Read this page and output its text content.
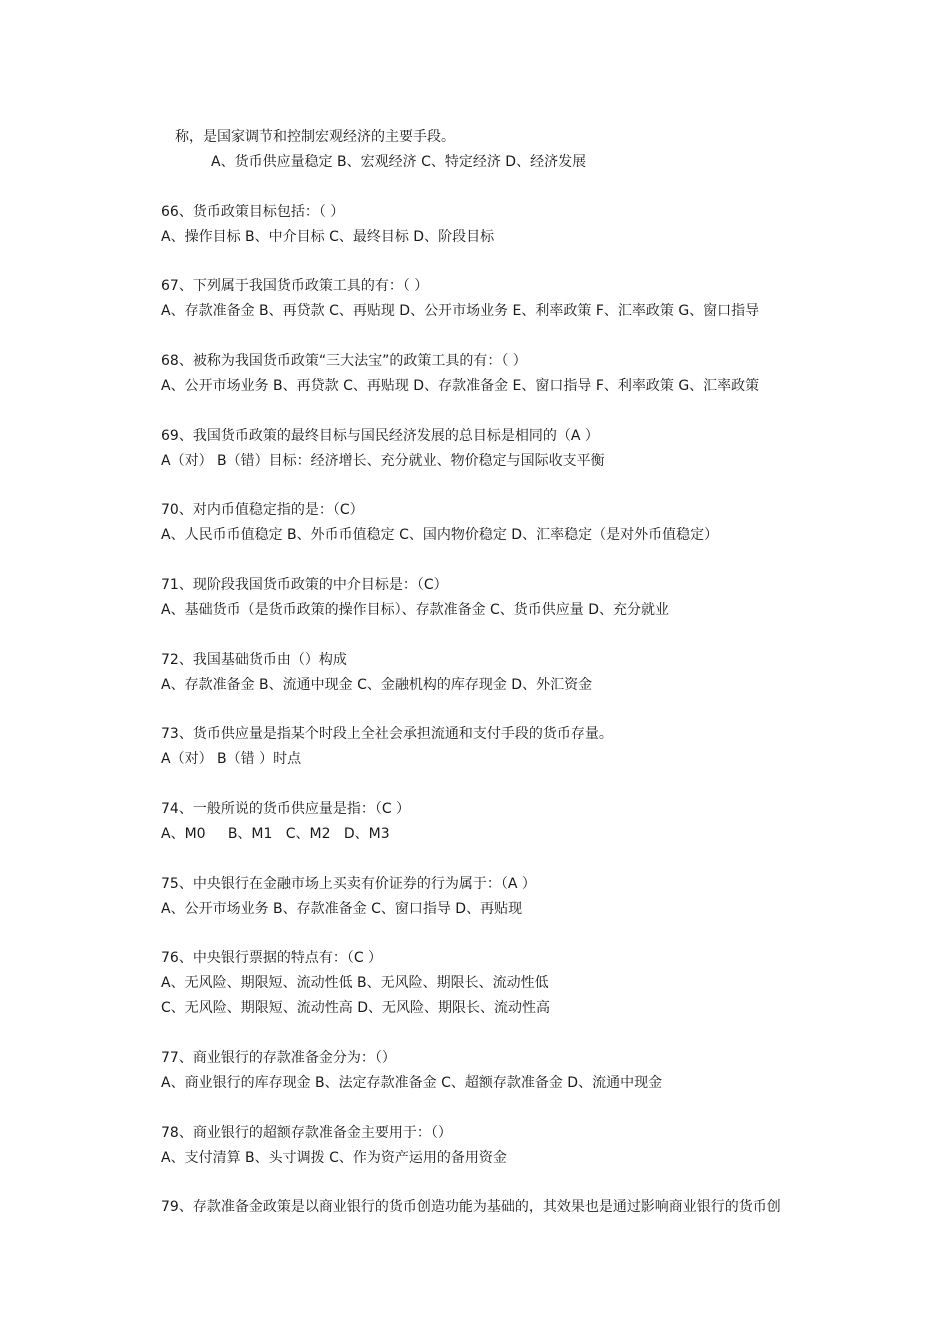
称，是国家调节和控制宏观经济的主要手段。
A、货币供应量稳定 B、宏观经济 C、特定经济 D、经济发展
66、货币政策目标包括：（ ）
A、操作目标 B、中介目标 C、最终目标 D、阶段目标
67、下列属于我国货币政策工具的有：（ ）
A、存款准备金 B、再贷款 C、再贴现 D、公开市场业务 E、利率政策 F、汇率政策 G、窗口指导
68、被称为我国货币政策“三大法宝”的政策工具的有：（ ）
A、公开市场业务 B、再贷款 C、再贴现 D、存款准备金 E、窗口指导 F、利率政策 G、汇率政策
69、我国货币政策的最终目标与国民经济发展的总目标是相同的（A ）
A（对） B（错）目标：经济增长、充分就业、物价稳定与国际收支平衡
70、对内币值稳定指的是：（C）
A、人民币币值稳定 B、外币币值稳定 C、国内物价稳定 D、汇率稳定（是对外币值稳定）
71、现阶段我国货币政策的中介目标是：（C）
A、基础货币（是货币政策的操作目标）、存款准备金 C、货币供应量 D、充分就业
72、我国基础货币由（）构成
A、存款准备金 B、流通中现金 C、金融机构的库存现金 D、外汇资金
73、货币供应量是指某个时段上全社会承担流通和支付手段的货币存量。
A（对） B（错 ）时点
74、一般所说的货币供应量是指：（C ）
A、M0     B、M1   C、M2   D、M3
75、中央银行在金融市场上买卖有价证券的行为属于：（A ）
A、公开市场业务 B、存款准备金 C、窗口指导 D、再贴现
76、中央银行票据的特点有：（C ）
A、无风险、期限短、流动性低 B、无风险、期限长、流动性低
C、无风险、期限短、流动性高 D、无风险、期限长、流动性高
77、商业银行的存款准备金分为：（）
A、商业银行的库存现金 B、法定存款准备金 C、超额存款准备金 D、流通中现金
78、商业银行的超额存款准备金主要用于：（）
A、支付清算 B、头寸调拨 C、作为资产运用的备用资金
79、存款准备金政策是以商业银行的货币创造功能为基础的，其效果也是通过影响商业银行的货币创
